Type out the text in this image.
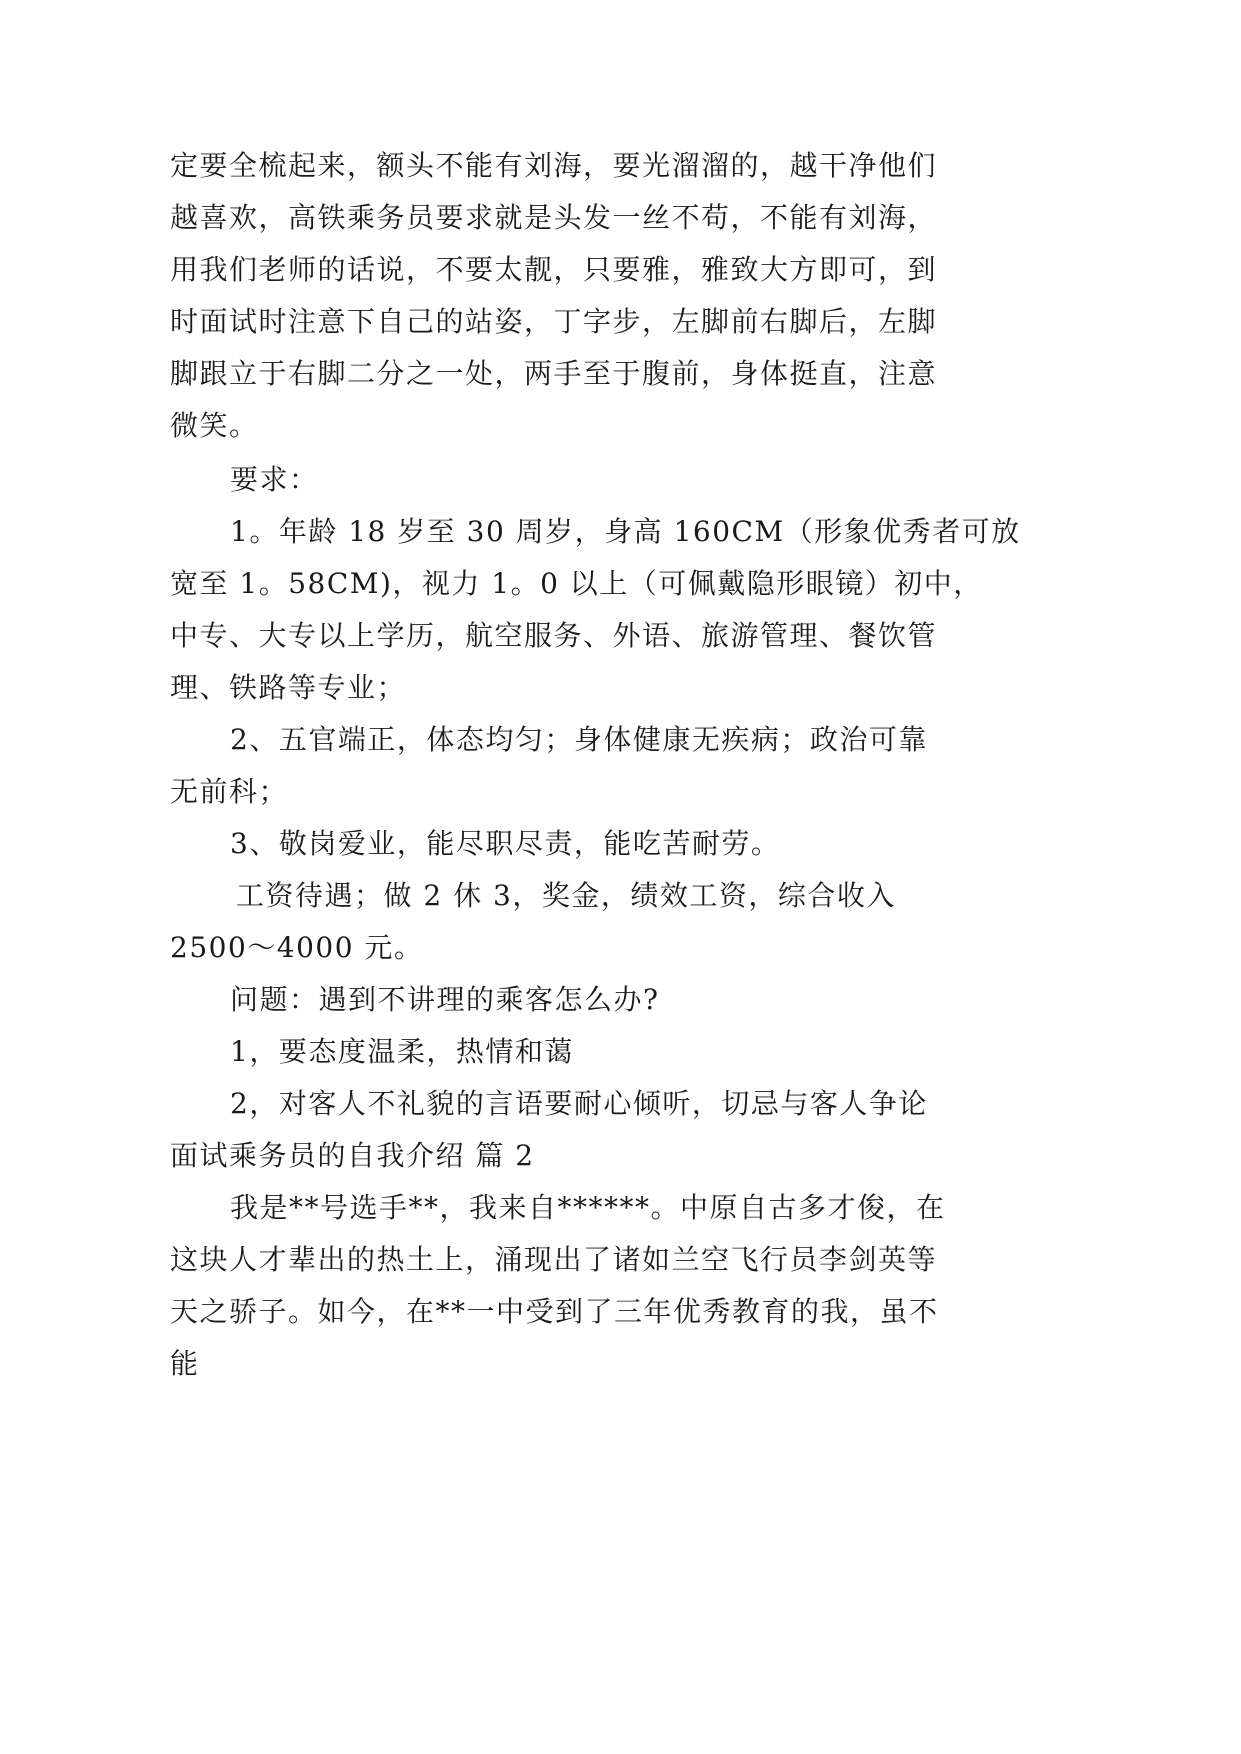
定要全梳起来，额头不能有刘海，要光溜溜的，越干净他们
越喜欢，高铁乘务员要求就是头发一丝不苟，不能有刘海，
用我们老师的话说，不要太靓，只要雅，雅致大方即可，到
时面试时注意下自己的站姿，丁字步，左脚前右脚后，左脚
脚跟立于右脚二分之一处，两手至于腹前，身体挺直，注意
微笑。
要求：
1。年龄 18 岁至 30 周岁，身高 160CM（形象优秀者可放
宽至 1。58CM)，视力 1。0 以上（可佩戴隐形眼镜）初中，
中专、大专以上学历，航空服务、外语、旅游管理、餐饮管
理、铁路等专业；
2、五官端正，体态均匀；身体健康无疾病；政治可靠
无前科；
3、敬岗爱业，能尽职尽责，能吃苦耐劳。
工资待遇；做 2 休 3，奖金，绩效工资，综合收入
2500～4000 元。
问题：遇到不讲理的乘客怎么办?
1，要态度温柔，热情和蔼
2，对客人不礼貌的言语要耐心倾听，切忌与客人争论
面试乘务员的自我介绍 篇 2
我是**号选手**，我来自******。中原自古多才俊，在
这块人才辈出的热土上，涌现出了诸如兰空飞行员李剑英等
天之骄子。如今，在**一中受到了三年优秀教育的我，虽不
能
